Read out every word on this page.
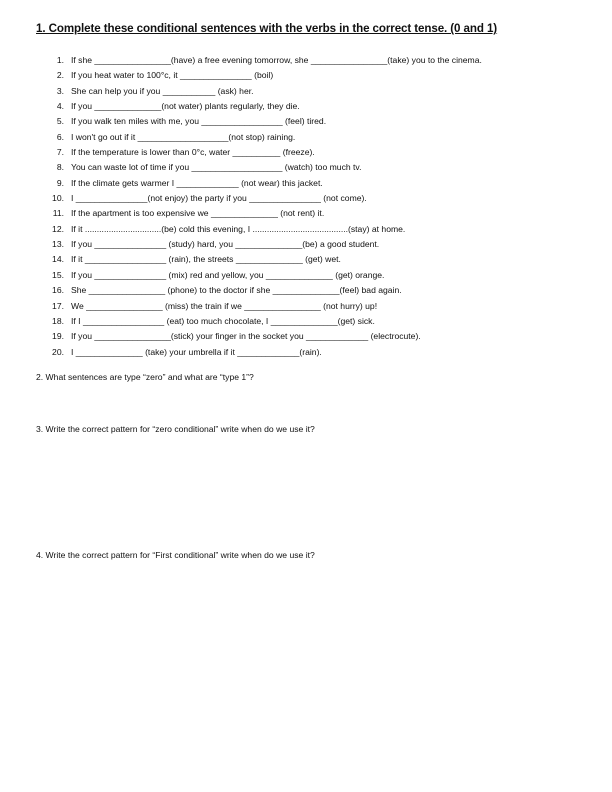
1. Complete these conditional sentences with the verbs in the correct tense. (0 and 1)
1. If she ________________(have) a free evening tomorrow, she ________________(take) you to the cinema.
2. If you heat water to 100°c, it _______________ (boil)
3. She can help you if you ___________ (ask) her.
4. If you ______________(not water) plants regularly, they die.
5. If you walk ten miles with me, you _________________ (feel) tired.
6. I won't go out if it ___________________(not stop) raining.
7. If the temperature is lower than 0°c, water __________ (freeze).
8. You can waste lot of time if you ___________________ (watch) too much tv.
9. If the climate gets warmer I _____________ (not wear) this jacket.
10. I _______________(not enjoy) the party if you _______________ (not come).
11. If the apartment is too expensive we ______________ (not rent) it.
12. If it ................................(be) cold this evening, I ........................................(stay) at home.
13. If you _______________ (study) hard, you ______________(be) a good student.
14. If it _________________ (rain), the streets ______________ (get) wet.
15. If you _______________ (mix) red and yellow, you ______________ (get) orange.
16. She ________________ (phone) to the doctor if she ______________(feel) bad again.
17. We ________________ (miss) the train if we ________________ (not hurry) up!
18. If I _________________ (eat) too much chocolate, I ______________(get) sick.
19. If you ________________(stick) your finger in the socket you _____________ (electrocute).
20. I ______________ (take) your umbrella if it _____________(rain).
2. What sentences are type “zero” and what are “type 1”?
3. Write the correct pattern for “zero conditional” write when do we use it?
4. Write the correct pattern for “First conditional” write when do we use it?
